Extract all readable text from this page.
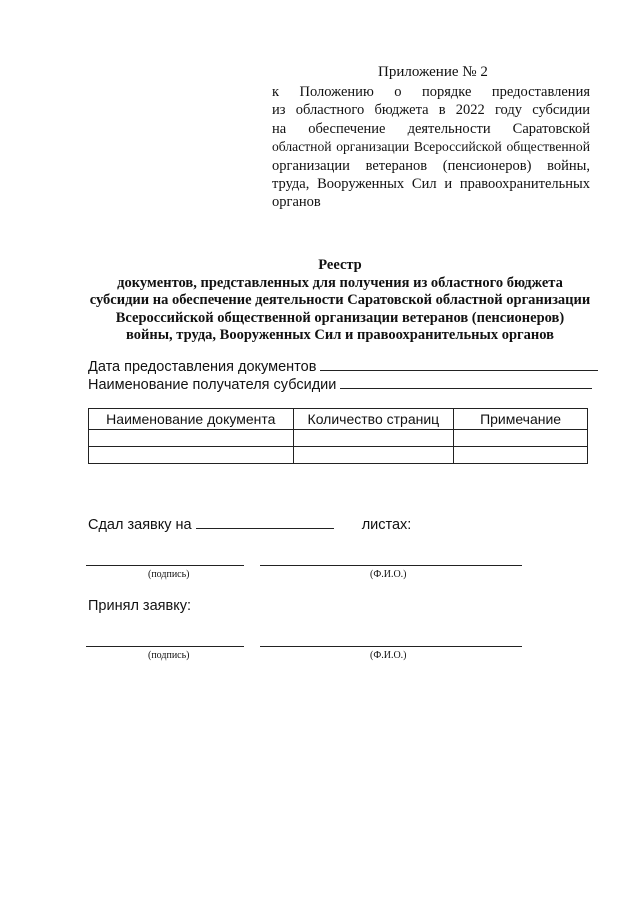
Приложение № 2
к Положению о порядке предоставления
из областного бюджета в 2022 году субсидии
на обеспечение деятельности Саратовской
областной организации Всероссийской общественной
организации ветеранов (пенсионеров) войны,
труда, Вооруженных Сил и правоохранительных
органов
Реестр
документов, представленных для получения из областного бюджета
субсидии на обеспечение деятельности Саратовской областной организации
Всероссийской общественной организации ветеранов (пенсионеров)
войны, труда, Вооруженных Сил и правоохранительных органов
Дата предоставления документов
Наименование получателя субсидии
Наименование документа	Количество страниц	Примечание

Сдал заявку на	листах:
(подпись)	(Ф.И.О.)
Принял заявку:
(подпись)	(Ф.И.О.)
